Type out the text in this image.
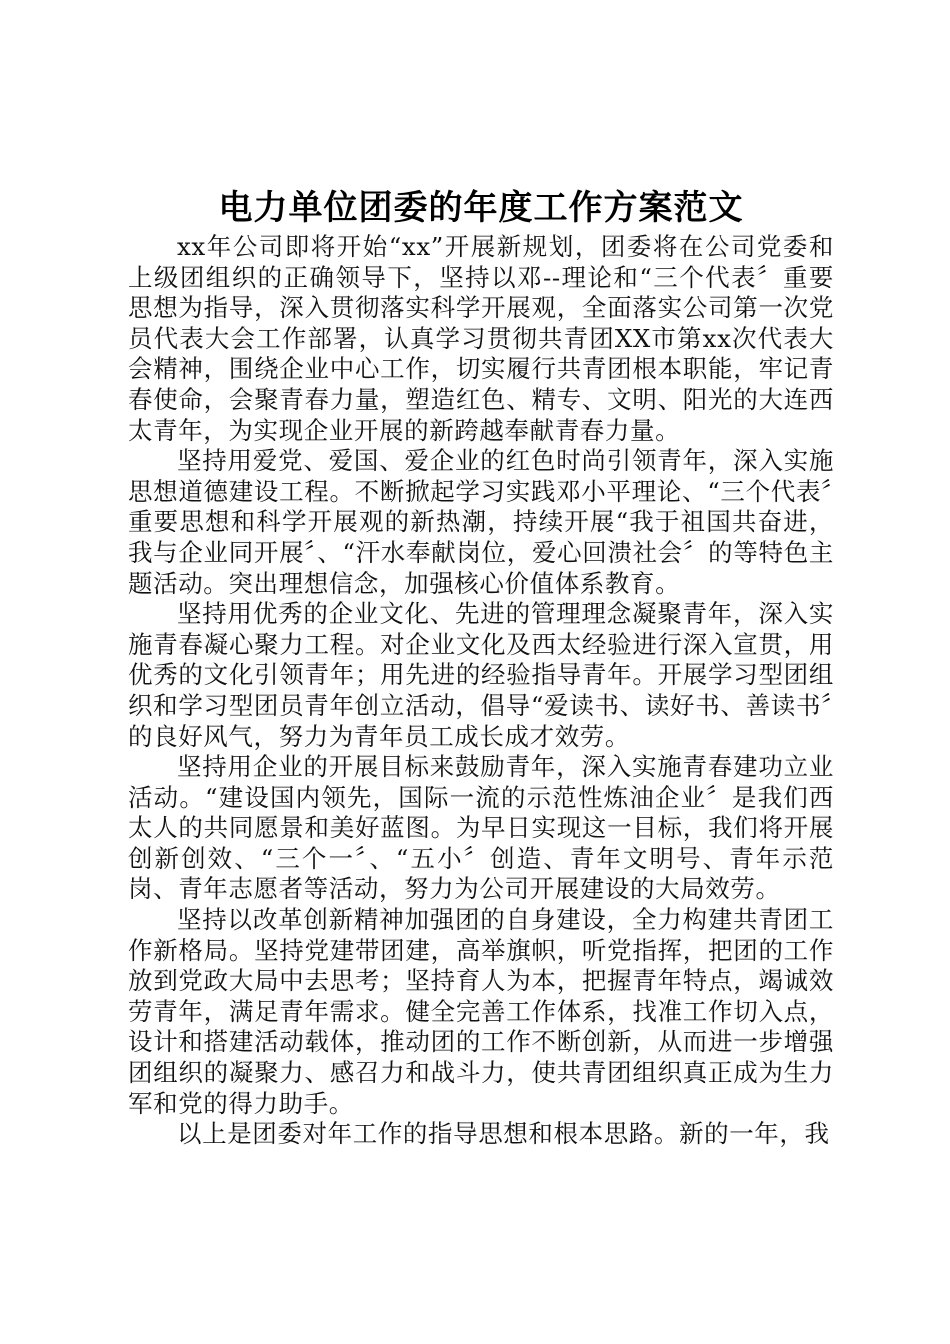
电力单位团委的年度工作方案范文

xx年公司即将开始“xx”开展新规划，团委将在公司党委和上级团组织的正确领导下，坚持以邓--理论和“三个代表〞重要思想为指导，深入贯彻落实科学开展观，全面落实公司第一次党员代表大会工作部署，认真学习贯彻共青团XX市第xx次代表大会精神，围绕企业中心工作，切实履行共青团根本职能，牢记青春使命，会聚青春力量，塑造红色、精专、文明、阳光的大连西太青年，为实现企业开展的新跨越奉献青春力量。

坚持用爱党、爱国、爱企业的红色时尚引领青年，深入实施思想道德建设工程。不断掀起学习实践邓小平理论、“三个代表〞重要思想和科学开展观的新热潮，持续开展“我于祖国共奋进，我与企业同开展〞、“汗水奉献岗位，爱心回溃社会〞的等特色主题活动。突出理想信念，加强核心价值体系教育。

坚持用优秀的企业文化、先进的管理理念凝聚青年，深入实施青春凝心聚力工程。对企业文化及西太经验进行深入宣贯，用优秀的文化引领青年；用先进的经验指导青年。开展学习型团组织和学习型团员青年创立活动，倡导“爱读书、读好书、善读书〞的良好风气，努力为青年员工成长成才效劳。

坚持用企业的开展目标来鼓励青年，深入实施青春建功立业活动。“建设国内领先，国际一流的示范性炼油企业〞是我们西太人的共同愿景和美好蓝图。为早日实现这一目标，我们将开展创新创效、“三个一〞、“五小〞创造、青年文明号、青年示范岗、青年志愿者等活动，努力为公司开展建设的大局效劳。

坚持以改革创新精神加强团的自身建设，全力构建共青团工作新格局。坚持党建带团建，高举旗帜，听党指挥，把团的工作放到党政大局中去思考；坚持育人为本，把握青年特点，竭诚效劳青年，满足青年需求。健全完善工作体系，找准工作切入点，设计和搭建活动载体，推动团的工作不断创新，从而进一步增强团组织的凝聚力、感召力和战斗力，使共青团组织真正成为生力军和党的得力助手。

以上是团委对年工作的指导思想和根本思路。新的一年，我
